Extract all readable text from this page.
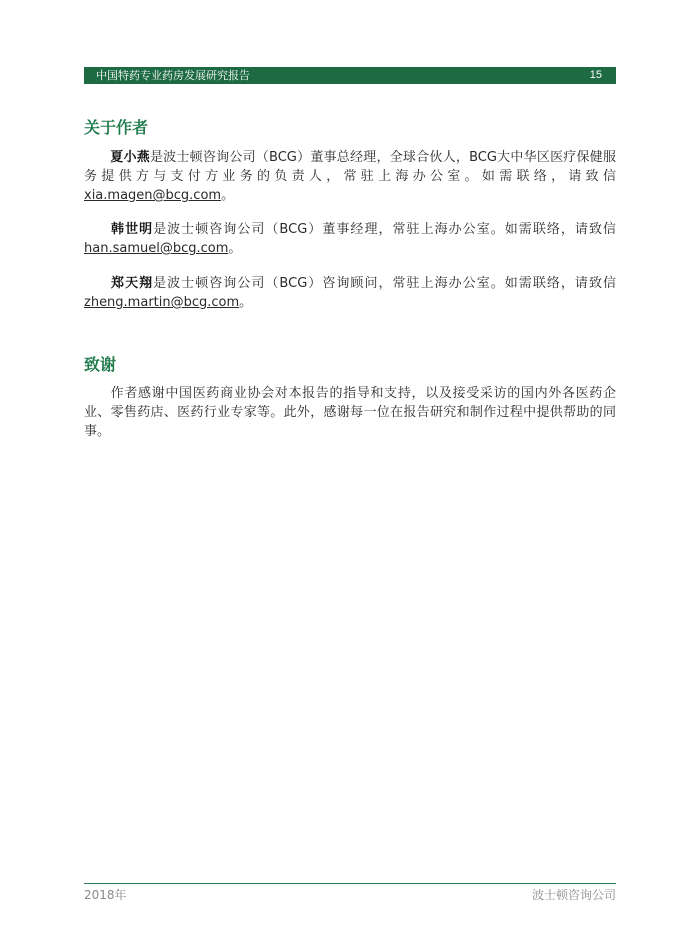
中国特药专业药房发展研究报告	15
关于作者
夏小燕是波士顿咨询公司（BCG）董事总经理，全球合伙人，BCG大中华区医疗保健服务提供方与支付方业务的负责人，常驻上海办公室。如需联络，请致信xia.magen@bcg.com。
韩世明是波士顿咨询公司（BCG）董事经理，常驻上海办公室。如需联络，请致信han.samuel@bcg.com。
郑天翔是波士顿咨询公司（BCG）咨询顾问，常驻上海办公室。如需联络，请致信zheng.martin@bcg.com。
致谢
作者感谢中国医药商业协会对本报告的指导和支持，以及接受采访的国内外各医药企业、零售药店、医药行业专家等。此外，感谢每一位在报告研究和制作过程中提供帮助的同事。
2018年	波士顿咨询公司
